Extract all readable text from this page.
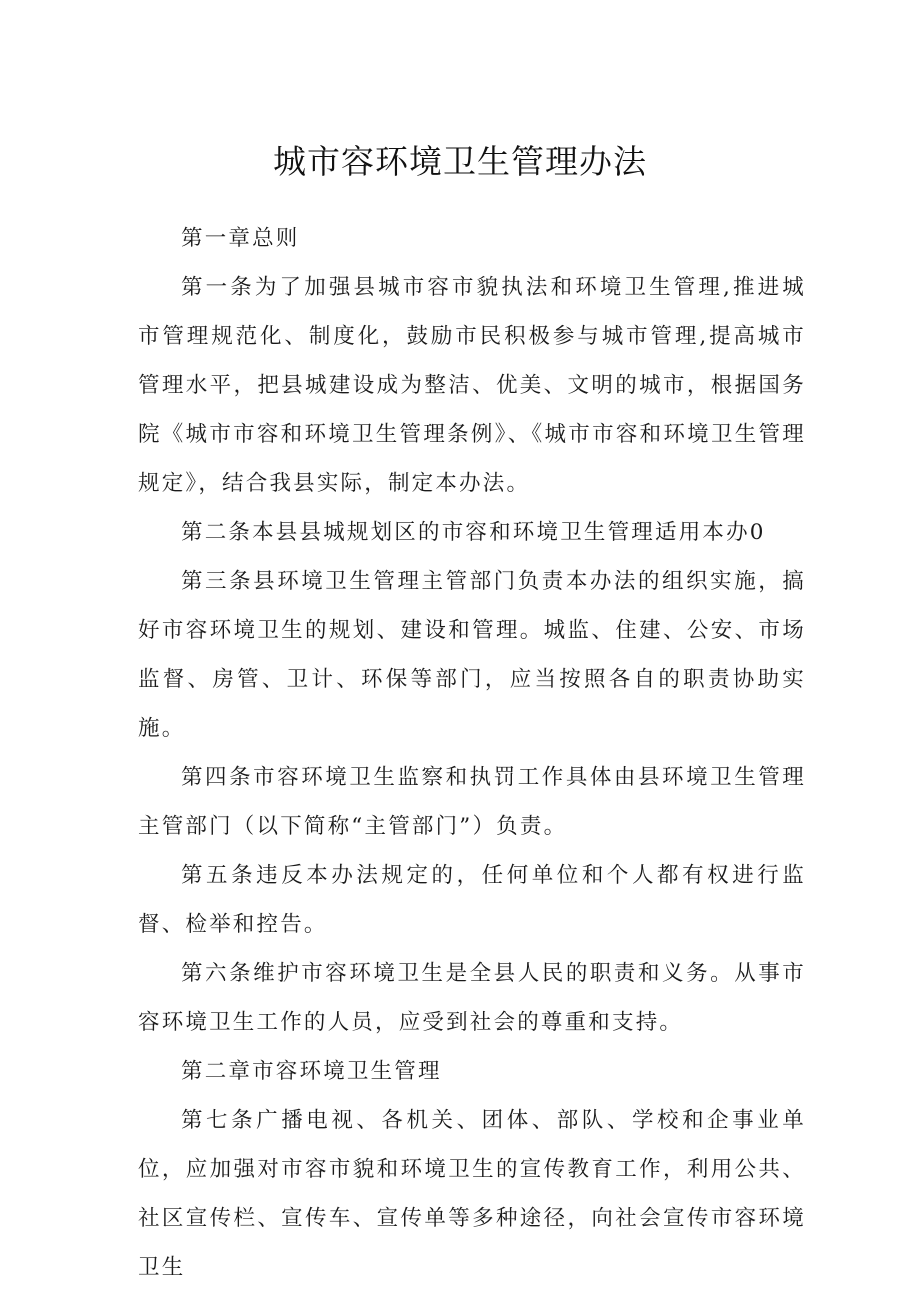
城市容环境卫生管理办法

第一章总则

第一条为了加强县城市容市貌执法和环境卫生管理,推进城市管理规范化、制度化，鼓励市民积极参与城市管理,提高城市管理水平，把县城建设成为整洁、优美、文明的城市，根据国务院《城市市容和环境卫生管理条例》、《城市市容和环境卫生管理规定》，结合我县实际，制定本办法。

第二条本县县城规划区的市容和环境卫生管理适用本办0

第三条县环境卫生管理主管部门负责本办法的组织实施，搞好市容环境卫生的规划、建设和管理。城监、住建、公安、市场监督、房管、卫计、环保等部门，应当按照各自的职责协助实施。

第四条市容环境卫生监察和执罚工作具体由县环境卫生管理主管部门（以下简称“主管部门”）负责。

第五条违反本办法规定的，任何单位和个人都有权进行监督、检举和控告。

第六条维护市容环境卫生是全县人民的职责和义务。从事市容环境卫生工作的人员，应受到社会的尊重和支持。

第二章市容环境卫生管理

第七条广播电视、各机关、团体、部队、学校和企事业单位，应加强对市容市貌和环境卫生的宣传教育工作，利用公共、社区宣传栏、宣传车、宣传单等多种途径，向社会宣传市容环境卫生
